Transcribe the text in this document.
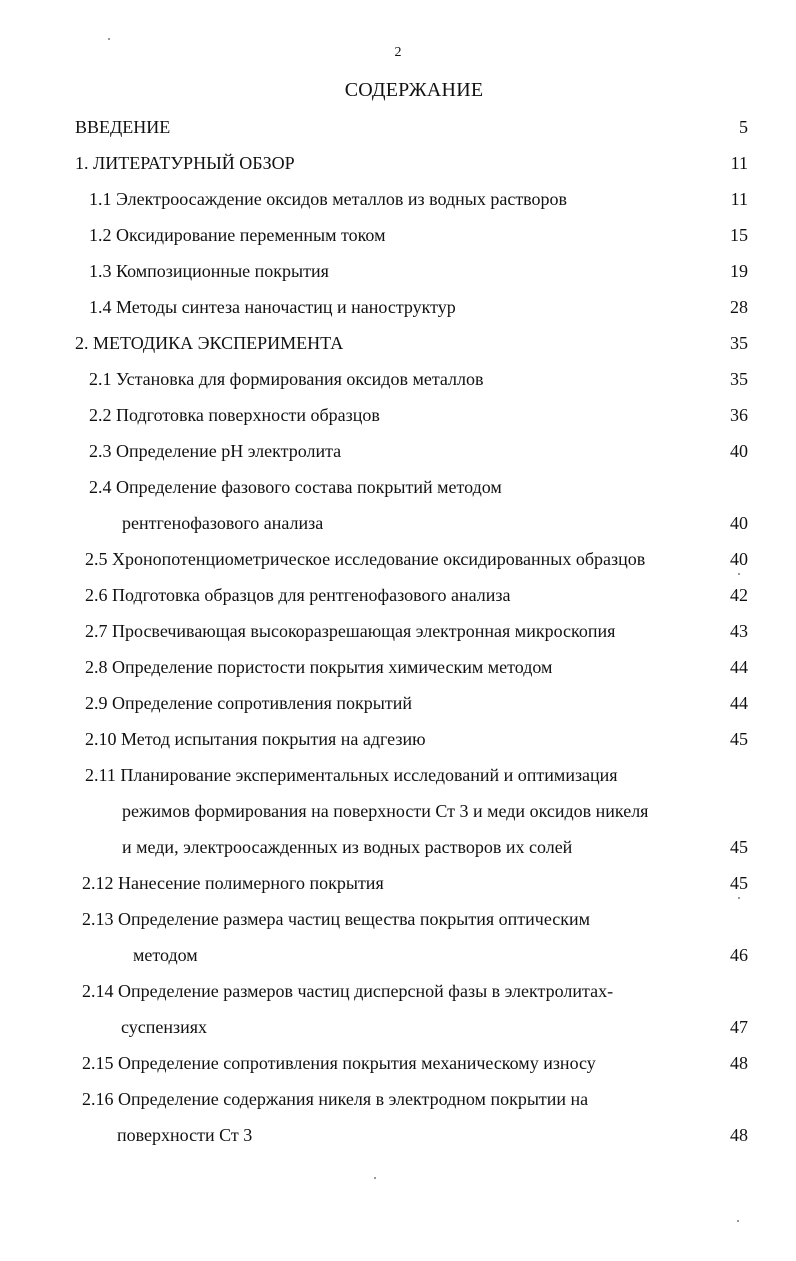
2
СОДЕРЖАНИЕ
ВВЕДЕНИЕ	5
1. ЛИТЕРАТУРНЫЙ ОБЗОР	11
1.1 Электроосаждение оксидов металлов из водных растворов	11
1.2 Оксидирование переменным током	15
1.3 Композиционные покрытия	19
1.4 Методы синтеза наночастиц и наноструктур	28
2. МЕТОДИКА ЭКСПЕРИМЕНТА	35
2.1 Установка для формирования оксидов металлов	35
2.2 Подготовка поверхности образцов	36
2.3 Определение pH электролита	40
2.4 Определение фазового состава покрытий методом
рентгенофазового анализа	40
2.5 Хронопотенциометрическое исследование оксидированных образцов	40
2.6 Подготовка образцов для рентгенофазового анализа	42
2.7 Просвечивающая высокоразрешающая электронная микроскопия	43
2.8 Определение пористости покрытия химическим методом	44
2.9 Определение сопротивления покрытий	44
2.10 Метод испытания покрытия на адгезию	45
2.11 Планирование экспериментальных исследований и оптимизация
режимов формирования на поверхности Ст 3 и меди оксидов никеля
и меди, электроосажденных из водных растворов их солей	45
2.12 Нанесение полимерного покрытия	45
2.13 Определение размера частиц вещества покрытия оптическим
методом	46
2.14 Определение размеров частиц дисперсной фазы в электролитах-
суспензиях	47
2.15 Определение сопротивления покрытия механическому износу	48
2.16 Определение содержания никеля в электродном покрытии на
поверхности Ст 3	48
